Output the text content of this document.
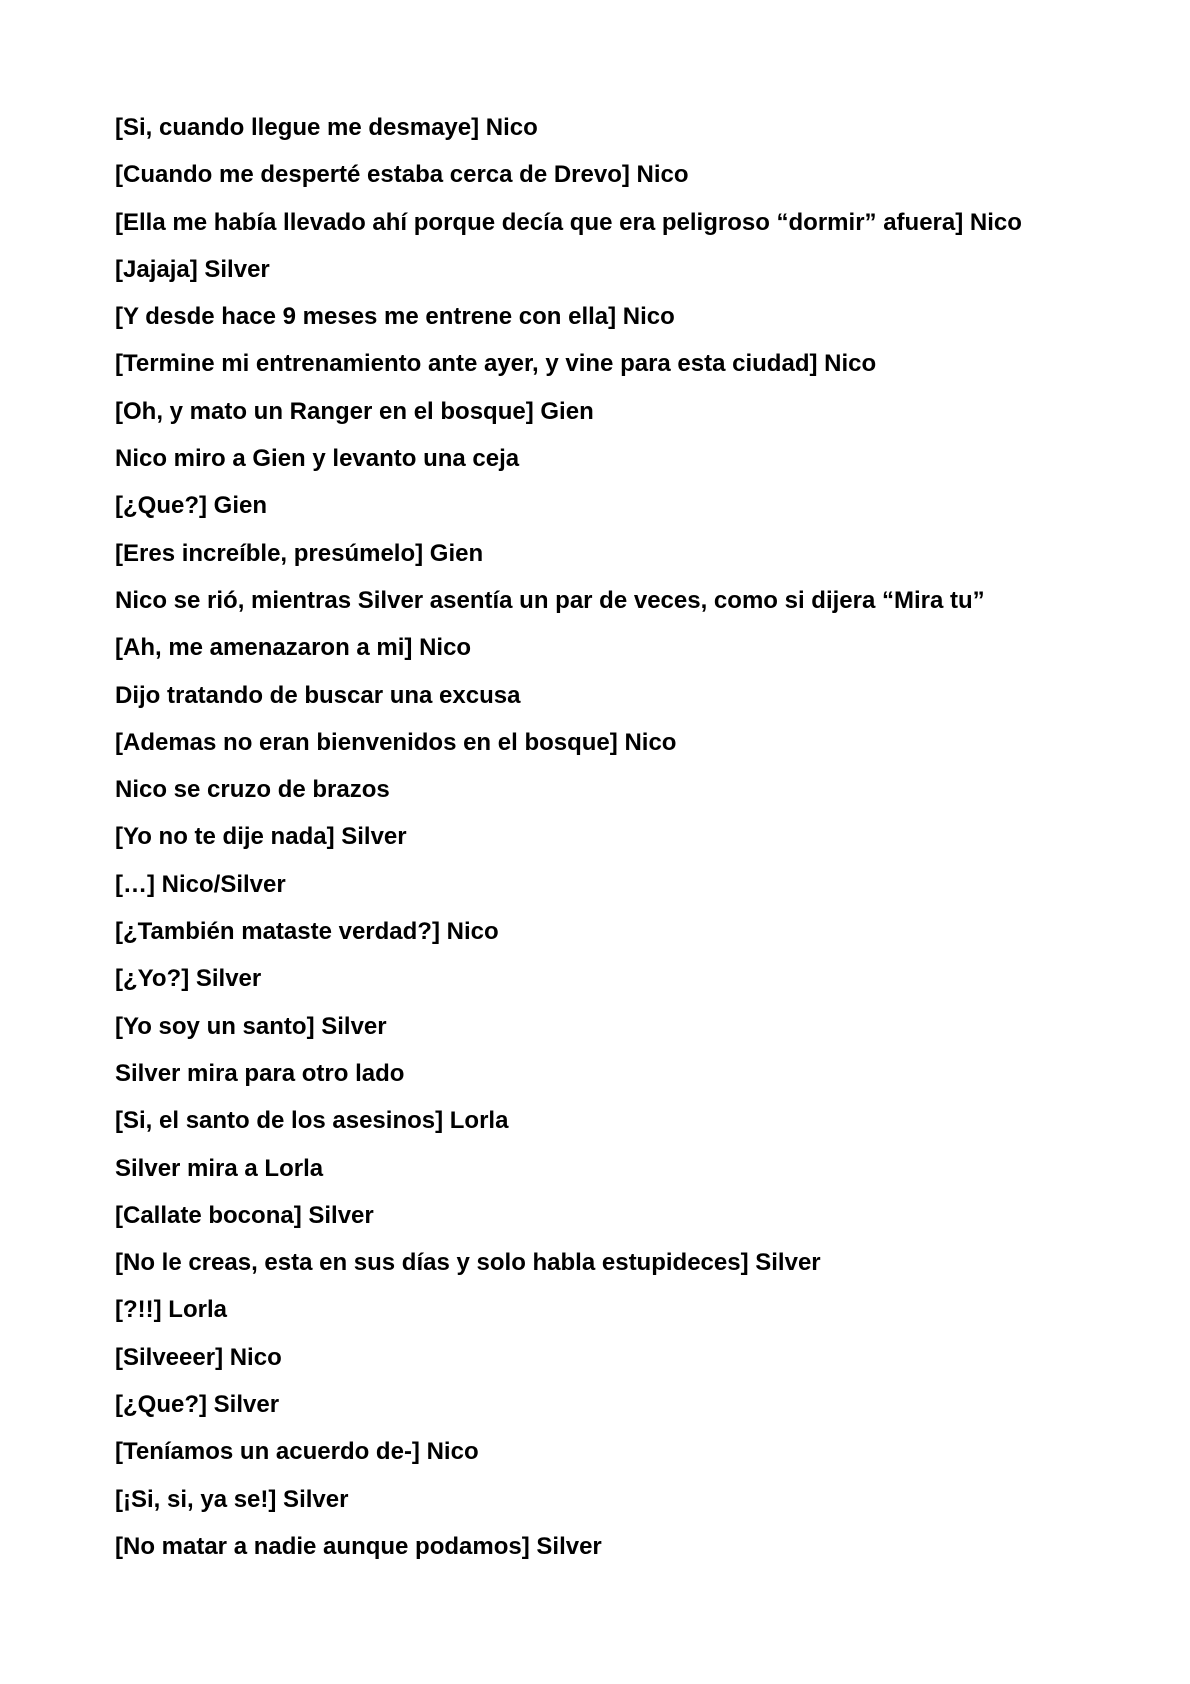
[Si, cuando llegue me desmaye] Nico
[Cuando me desperté estaba cerca de Drevo] Nico
[Ella me había llevado ahí porque decía que era peligroso “dormir” afuera] Nico
[Jajaja] Silver
[Y desde hace 9 meses me entrene con ella] Nico
[Termine mi entrenamiento ante ayer, y vine para esta ciudad] Nico
[Oh, y mato un Ranger en el bosque] Gien
Nico miro a Gien y levanto una ceja
[¿Que?] Gien
[Eres increíble, presúmelo] Gien
Nico se rió, mientras Silver asentía un par de veces, como si dijera “Mira tu”
[Ah, me amenazaron a mi] Nico
Dijo tratando de buscar una excusa
[Ademas no eran bienvenidos en el bosque] Nico
Nico se cruzo de brazos
[Yo no te dije nada] Silver
[…] Nico/Silver
[¿También mataste verdad?] Nico
[¿Yo?] Silver
[Yo soy un santo] Silver
Silver mira para otro lado
[Si, el santo de los asesinos] Lorla
Silver mira a Lorla
[Callate bocona] Silver
[No le creas, esta en sus días y solo habla estupideces] Silver
[?!!] Lorla
[Silveeer] Nico
[¿Que?] Silver
[Teníamos un acuerdo de-] Nico
[¡Si, si, ya se!] Silver
[No matar a nadie aunque podamos] Silver
